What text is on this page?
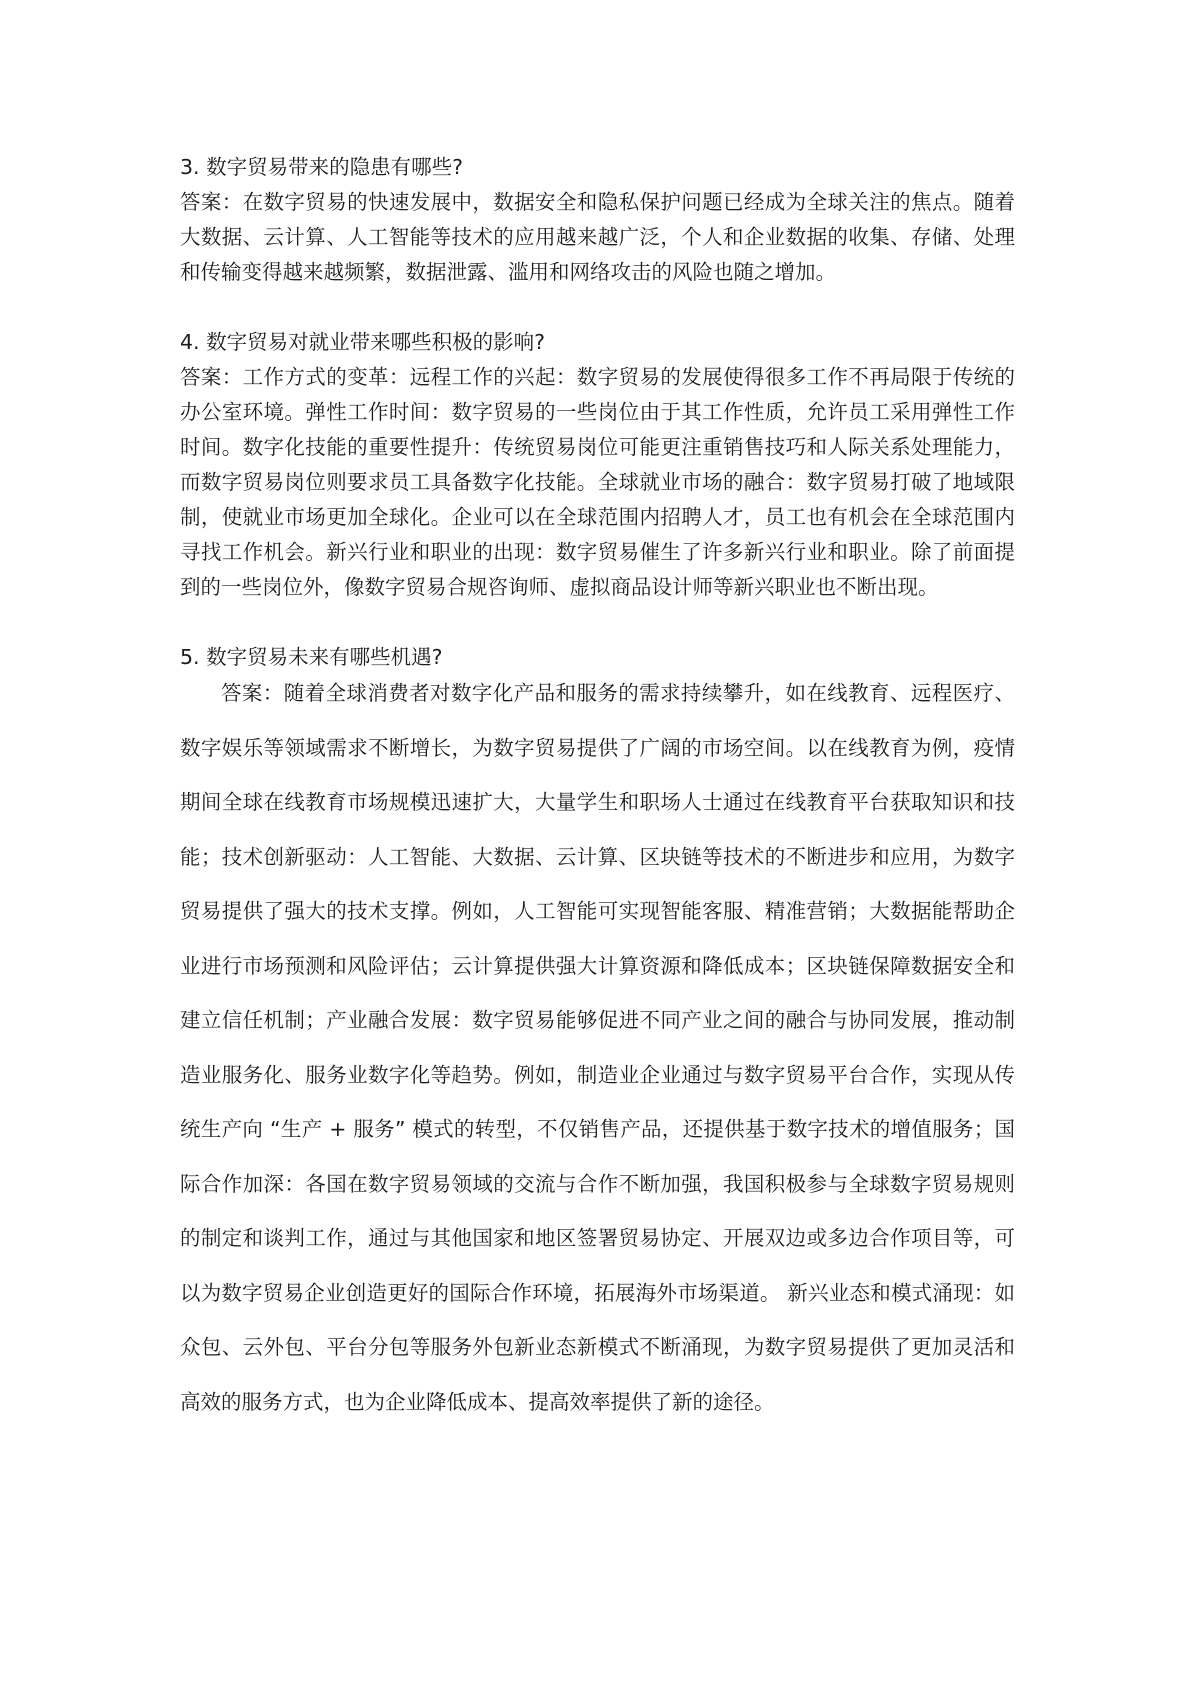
3. 数字贸易带来的隐患有哪些?

答案：在数字贸易的快速发展中，数据安全和隐私保护问题已经成为全球关注的焦点。随着大数据、云计算、人工智能等技术的应用越来越广泛，个人和企业数据的收集、存储、处理和传输变得越来越频繁，数据泄露、滥用和网络攻击的风险也随之增加。

4. 数字贸易对就业带来哪些积极的影响?

答案：工作方式的变革：远程工作的兴起：数字贸易的发展使得很多工作不再局限于传统的办公室环境。弹性工作时间：数字贸易的一些岗位由于其工作性质，允许员工采用弹性工作时间。数字化技能的重要性提升：传统贸易岗位可能更注重销售技巧和人际关系处理能力，而数字贸易岗位则要求员工具备数字化技能。全球就业市场的融合：数字贸易打破了地域限制，使就业市场更加全球化。企业可以在全球范围内招聘人才，员工也有机会在全球范围内寻找工作机会。新兴行业和职业的出现：数字贸易催生了许多新兴行业和职业。除了前面提到的一些岗位外，像数字贸易合规咨询师、虚拟商品设计师等新兴职业也不断出现。

5. 数字贸易未来有哪些机遇?

答案：随着全球消费者对数字化产品和服务的需求持续攀升，如在线教育、远程医疗、数字娱乐等领域需求不断增长，为数字贸易提供了广阔的市场空间。以在线教育为例，疫情期间全球在线教育市场规模迅速扩大，大量学生和职场人士通过在线教育平台获取知识和技能；技术创新驱动：人工智能、大数据、云计算、区块链等技术的不断进步和应用，为数字贸易提供了强大的技术支撑。例如，人工智能可实现智能客服、精准营销；大数据能帮助企业进行市场预测和风险评估；云计算提供强大计算资源和降低成本；区块链保障数据安全和建立信任机制；产业融合发展：数字贸易能够促进不同产业之间的融合与协同发展，推动制造业服务化、服务业数字化等趋势。例如，制造业企业通过与数字贸易平台合作，实现从传统生产向 “生产 + 服务” 模式的转型，不仅销售产品，还提供基于数字技术的增值服务；国际合作加深：各国在数字贸易领域的交流与合作不断加强，我国积极参与全球数字贸易规则的制定和谈判工作，通过与其他国家和地区签署贸易协定、开展双边或多边合作项目等，可以为数字贸易企业创造更好的国际合作环境，拓展海外市场渠道。 新兴业态和模式涌现：如众包、云外包、平台分包等服务外包新业态新模式不断涌现，为数字贸易提供了更加灵活和高效的服务方式，也为企业降低成本、提高效率提供了新的途径。
